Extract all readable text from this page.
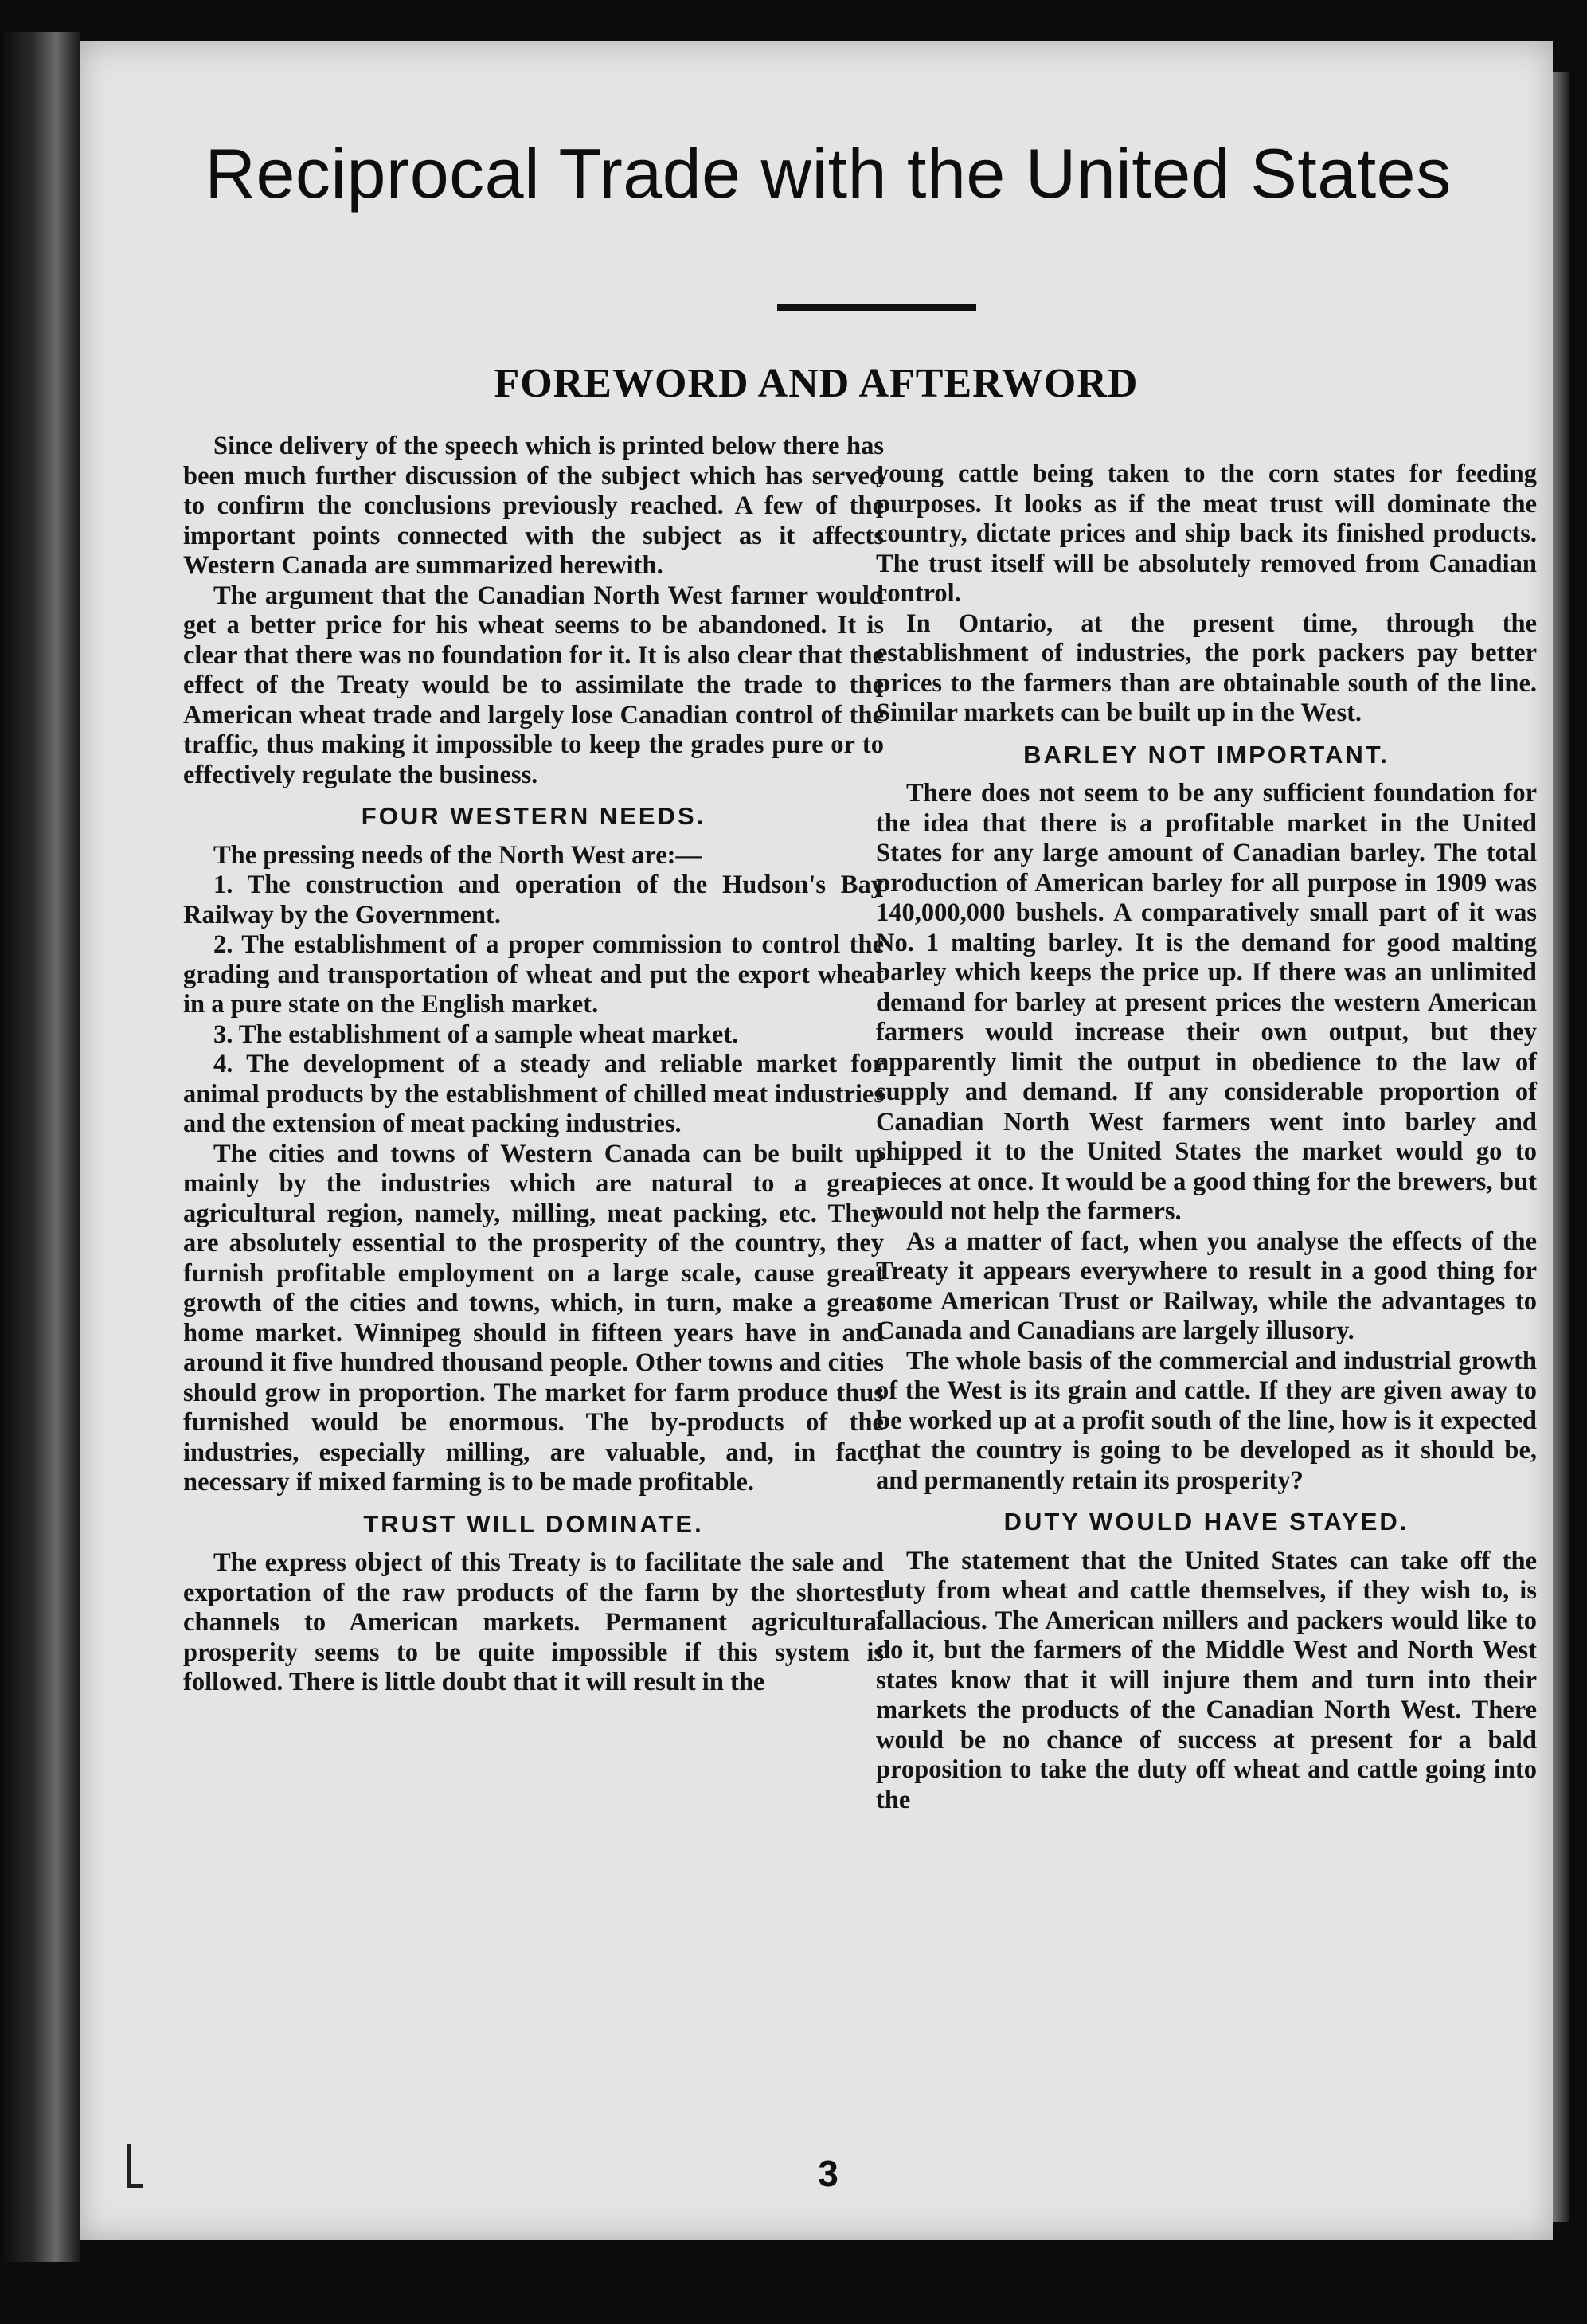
Reciprocal Trade with the United States
FOREWORD AND AFTERWORD

Since delivery of the speech which is printed below there has been much further discussion of the subject which has served to confirm the conclusions previously reached. A few of the important points connected with the subject as it affects Western Canada are summarized herewith.

The argument that the Canadian North West farmer would get a better price for his wheat seems to be abandoned. It is clear that there was no foundation for it. It is also clear that the effect of the Treaty would be to assimilate the trade to the American wheat trade and largely lose Canadian control of the traffic, thus making it impossible to keep the grades pure or to effectively regulate the business.

FOUR WESTERN NEEDS.

The pressing needs of the North West are:—

1. The construction and operation of the Hudson's Bay Railway by the Government.

2. The establishment of a proper commission to control the grading and transportation of wheat and put the export wheat in a pure state on the English market.

3. The establishment of a sample wheat market.

4. The development of a steady and reliable market for animal products by the establishment of chilled meat industries and the extension of meat packing industries.

The cities and towns of Western Canada can be built up mainly by the industries which are natural to a great agricultural region, namely, milling, meat packing, etc. They are absolutely essential to the prosperity of the country, they furnish profitable employment on a large scale, cause great growth of the cities and towns, which, in turn, make a great home market. Winnipeg should in fifteen years have in and around it five hundred thousand people. Other towns and cities should grow in proportion. The market for farm produce thus furnished would be enormous. The by-products of the industries, especially milling, are valuable, and, in fact, necessary if mixed farming is to be made profitable.

TRUST WILL DOMINATE.

The express object of this Treaty is to facilitate the sale and exportation of the raw products of the farm by the shortest channels to American markets. Permanent agricultural prosperity seems to be quite impossible if this system is followed. There is little doubt that it will result in the

young cattle being taken to the corn states for feeding purposes. It looks as if the meat trust will dominate the country, dictate prices and ship back its finished products. The trust itself will be absolutely removed from Canadian control.

In Ontario, at the present time, through the establishment of industries, the pork packers pay better prices to the farmers than are obtainable south of the line. Similar markets can be built up in the West.

BARLEY NOT IMPORTANT.

There does not seem to be any sufficient foundation for the idea that there is a profitable market in the United States for any large amount of Canadian barley. The total production of American barley for all purpose in 1909 was 140,000,000 bushels. A comparatively small part of it was No. 1 malting barley. It is the demand for good malting barley which keeps the price up. If there was an unlimited demand for barley at present prices the western American farmers would increase their own output, but they apparently limit the output in obedience to the law of supply and demand. If any considerable proportion of Canadian North West farmers went into barley and shipped it to the United States the market would go to pieces at once. It would be a good thing for the brewers, but would not help the farmers.

As a matter of fact, when you analyse the effects of the Treaty it appears everywhere to result in a good thing for some American Trust or Railway, while the advantages to Canada and Canadians are largely illusory.

The whole basis of the commercial and industrial growth of the West is its grain and cattle. If they are given away to be worked up at a profit south of the line, how is it expected that the country is going to be developed as it should be, and permanently retain its prosperity?

DUTY WOULD HAVE STAYED.

The statement that the United States can take off the duty from wheat and cattle themselves, if they wish to, is fallacious. The American millers and packers would like to do it, but the farmers of the Middle West and North West states know that it will injure them and turn into their markets the products of the Canadian North West. There would be no chance of success at present for a bald proposition to take the duty off wheat and cattle going into the

3
